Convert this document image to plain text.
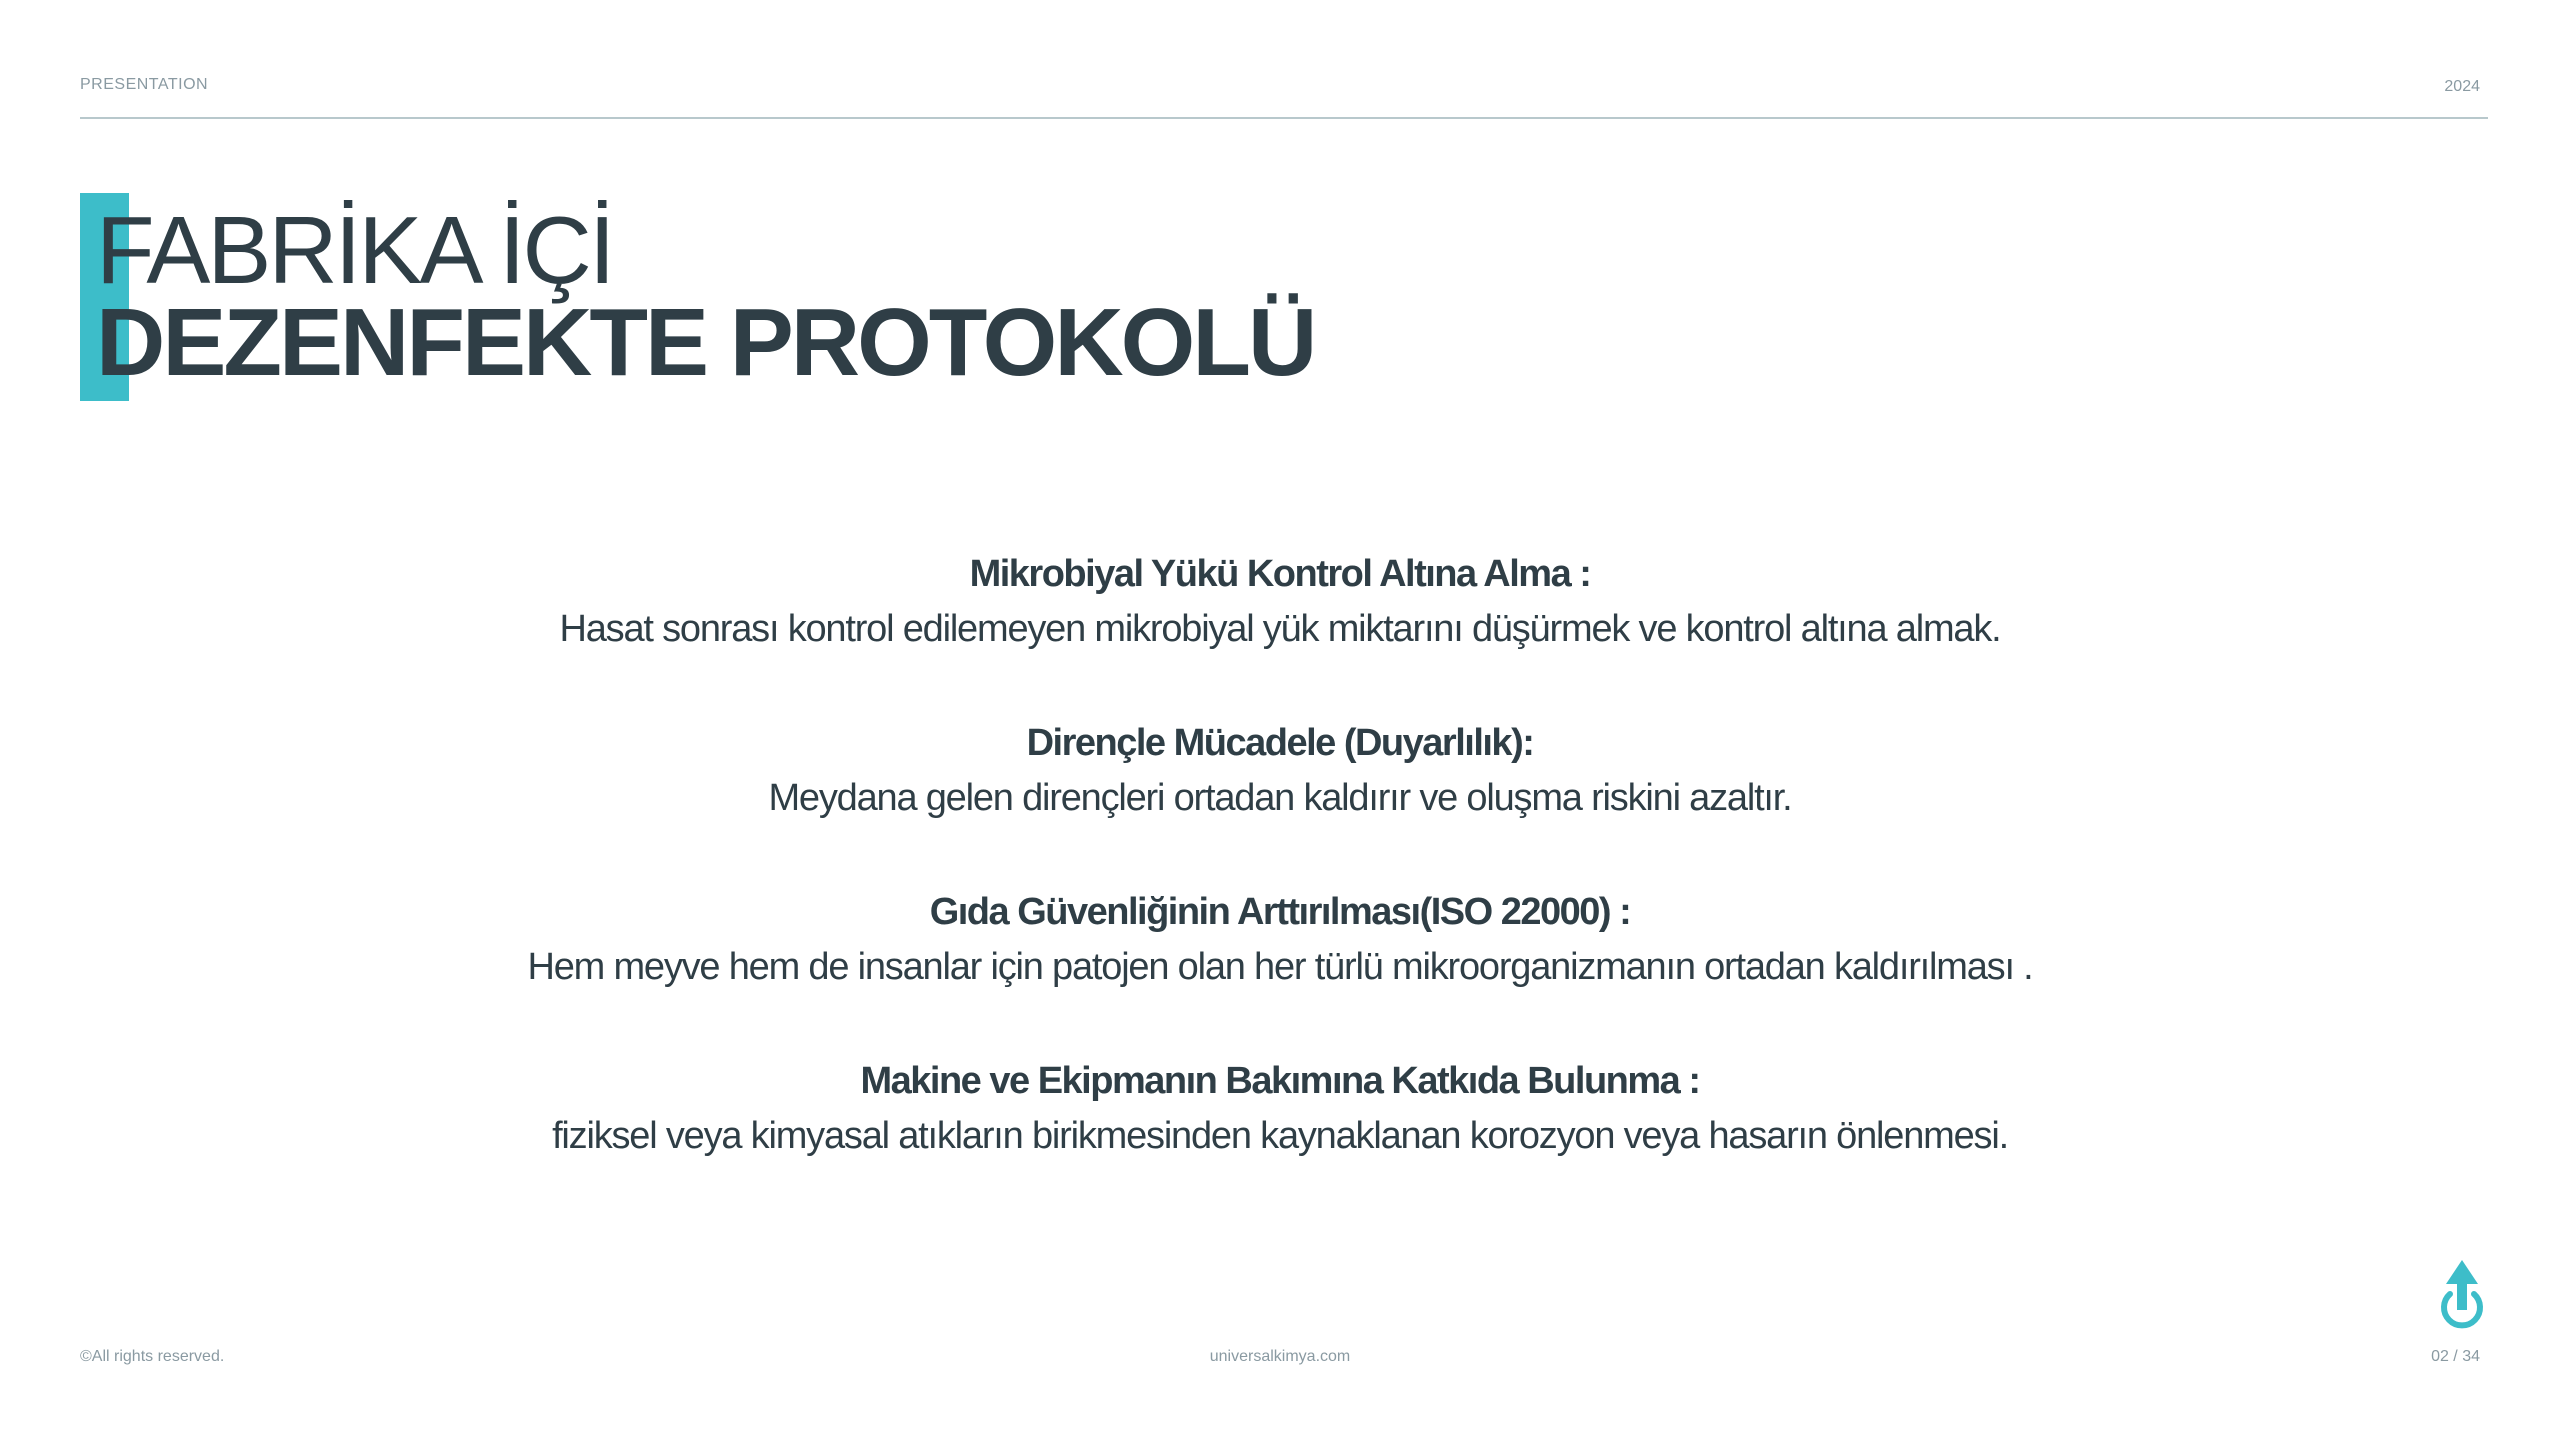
PRESENTATION	2024
FABRİKA İÇİ
DEZENFEKTE PROTOKOLÜ
Mikrobiyal Yükü Kontrol Altına Alma :
Hasat sonrası kontrol edilemeyen mikrobiyal yük miktarını düşürmek ve kontrol altına almak.
Dirençle Mücadele (Duyarlılık):
Meydana gelen dirençleri ortadan kaldırır ve oluşma riskini azaltır.
Gıda Güvenliğinin Arttırılması(ISO 22000) :
Hem meyve hem de insanlar için patojen olan her türlü mikroorganizmanın ortadan kaldırılması .
Makine ve Ekipmanın Bakımına Katkıda Bulunma :
fiziksel veya kimyasal atıkların birikmesinden kaynaklanan korozyon veya hasarın önlenmesi.
©All rights reserved.	universalkimya.com	02 / 34
